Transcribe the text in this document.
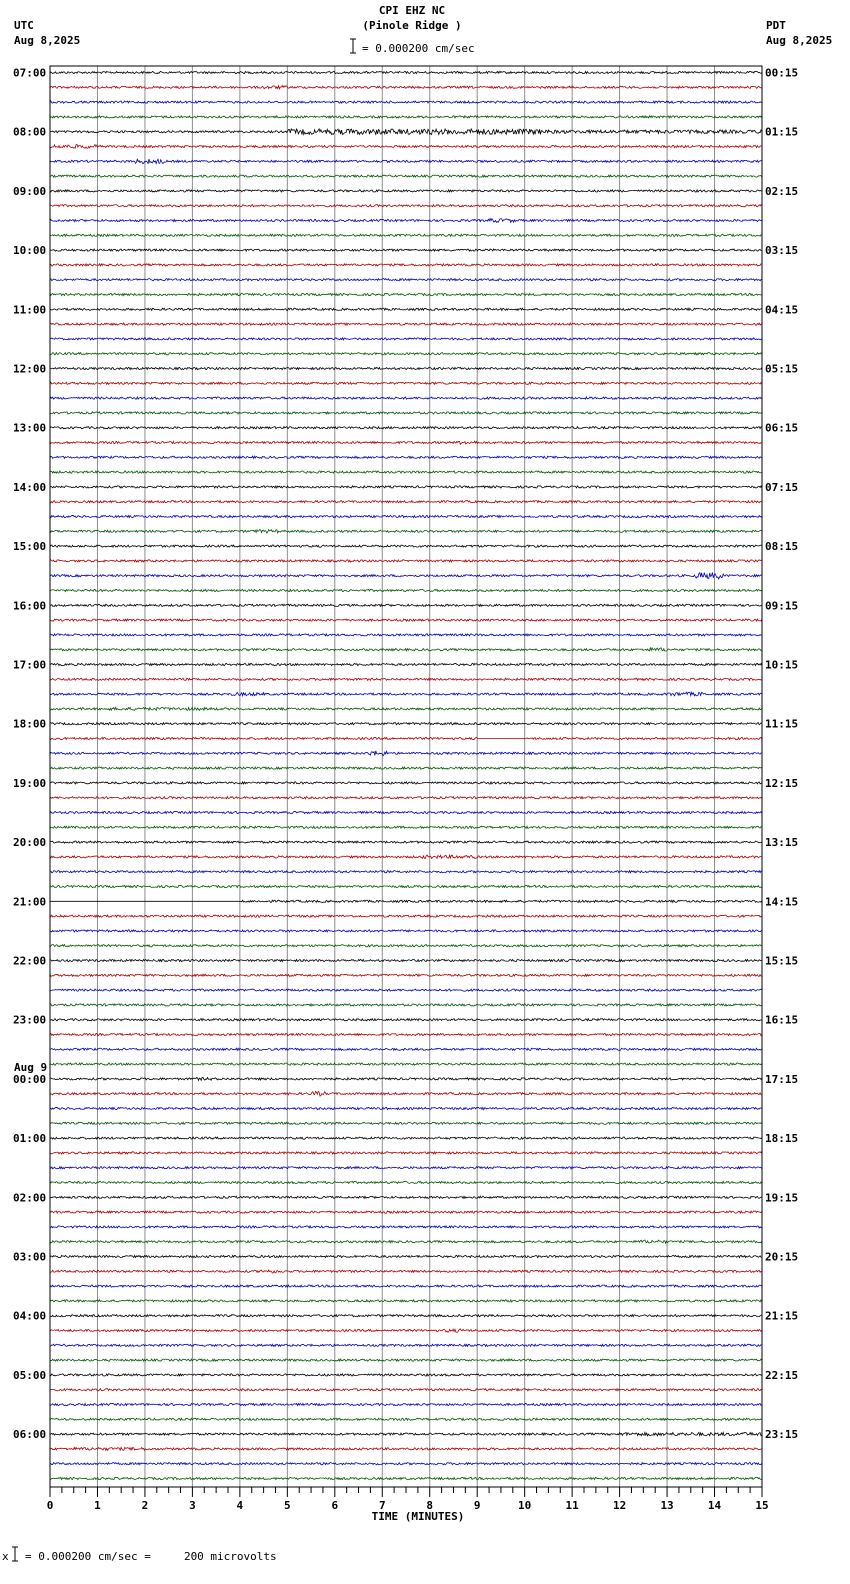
UTC
Aug 8,2025
CPI EHZ NC
(Pinole Ridge )
= 0.000200 cm/sec
PDT
Aug 8,2025
07:00
08:00
09:00
10:00
11:00
12:00
13:00
14:00
15:00
16:00
17:00
18:00
19:00
20:00
21:00
22:00
23:00
00:00
01:00
02:00
03:00
04:00
05:00
06:00
00:15
01:15
02:15
03:15
04:15
05:15
06:15
07:15
08:15
09:15
10:15
11:15
12:15
13:15
14:15
15:15
16:15
17:15
18:15
19:15
20:15
21:15
22:15
23:15
Aug 9
0	1	2	3	4	5	6	7	8	9	10	11	12	13	14	15
TIME (MINUTES)
x = 0.000200 cm/sec =     200 microvolts
